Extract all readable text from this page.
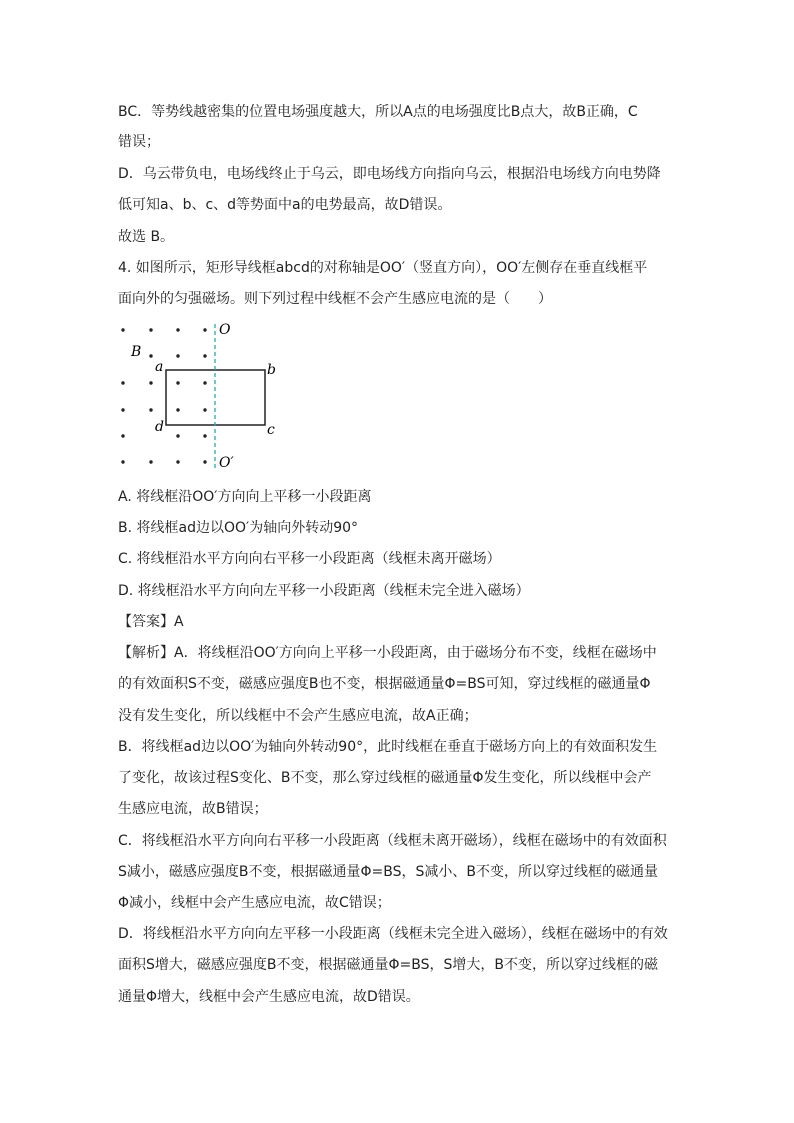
BC．等势线越密集的位置电场强度越大，所以A点的电场强度比B点大，故B正确，C
错误；
D．乌云带负电，电场线终止于乌云，即电场线方向指向乌云，根据沿电场线方向电势降
低可知a、b、c、d等势面中a的电势最高，故D错误。
故选 B。
4. 如图所示，矩形导线框abcd的对称轴是OO′（竖直方向），OO′左侧存在垂直线框平
面向外的匀强磁场。则下列过程中线框不会产生感应电流的是（　　）
O
O′
B
a	b
c
d
A. 将线框沿OO′方向向上平移一小段距离
B. 将线框ad边以OO′为轴向外转动90°
C. 将线框沿水平方向向右平移一小段距离（线框未离开磁场）
D. 将线框沿水平方向向左平移一小段距离（线框未完全进入磁场）
【答案】A
【解析】A．将线框沿OO′方向向上平移一小段距离，由于磁场分布不变，线框在磁场中
的有效面积S不变，磁感应强度B也不变，根据磁通量Φ=BS可知，穿过线框的磁通量Φ
没有发生变化，所以线框中不会产生感应电流，故A正确；
B．将线框ad边以OO′为轴向外转动90°，此时线框在垂直于磁场方向上的有效面积发生
了变化，故该过程S变化、B不变，那么穿过线框的磁通量Φ发生变化，所以线框中会产
生感应电流，故B错误；
C．将线框沿水平方向向右平移一小段距离（线框未离开磁场），线框在磁场中的有效面积
S减小，磁感应强度B不变，根据磁通量Φ=BS，S减小、B不变，所以穿过线框的磁通量
Φ减小，线框中会产生感应电流，故C错误；
D．将线框沿水平方向向左平移一小段距离（线框未完全进入磁场），线框在磁场中的有效
面积S增大，磁感应强度B不变，根据磁通量Φ=BS，S增大，B不变，所以穿过线框的磁
通量Φ增大，线框中会产生感应电流，故D错误。
